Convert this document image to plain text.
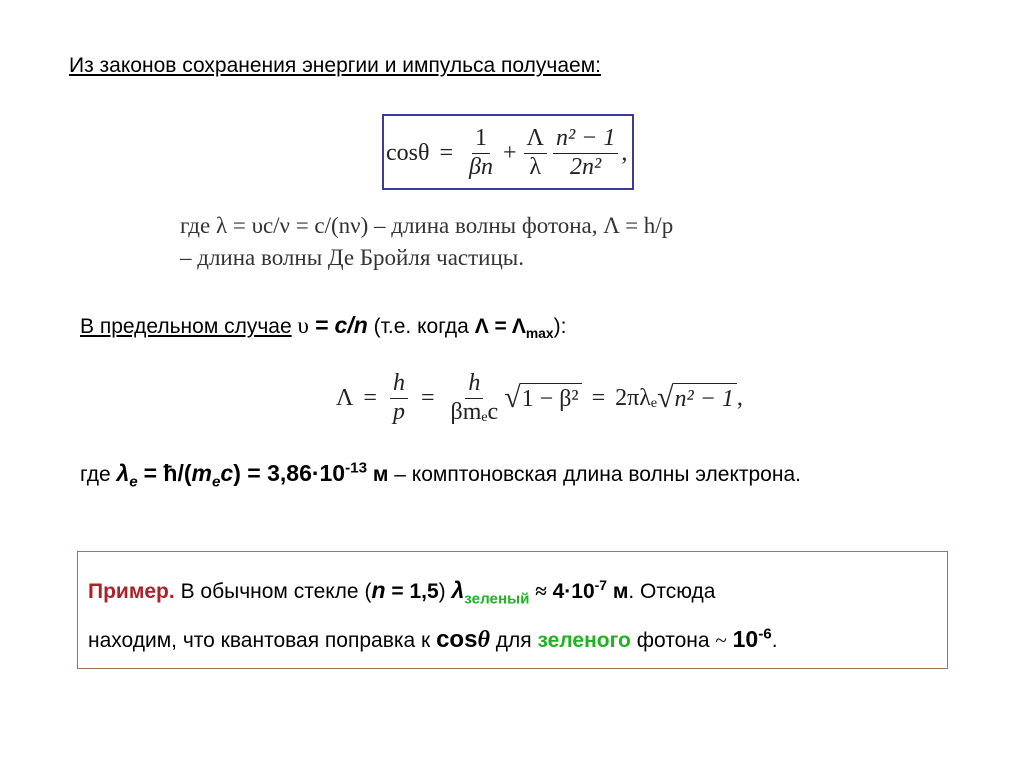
Из законов сохранения энергии и импульса получаем:
$\cos\theta = \frac{1}{\beta n} + \frac{\Lambda}{\lambda} \frac{\text{n² − 1}}{\text{2n²}}$ ,
где λ = υc/ν = c/(nν) – длина волны фотона, Λ = h/p
– длина волны Де Бройля частицы.
В предельном случае υ = c/n (т.е. когда $\Lambda = \Lambda_{max}$):
$\Lambda = \frac{h}{p} = \frac{h}{\text{βmₑc}}$ √ 1 − β² = 2πλₑ √ n² − 1 ,
где $\lambda_e$ = $ħ/(m_ec) = 3,86\cdot 10^{-13}$ м – комптоновская длина волны электрона.
Пример. В обычном стекле (n = 1,5) $\lambda_{зеленый} \approx 4\cdot 10^{-7}$ м. Отсюда
находим, что квантовая поправка к cosθ для зеленого фотона ~ $10^{-6}$.
